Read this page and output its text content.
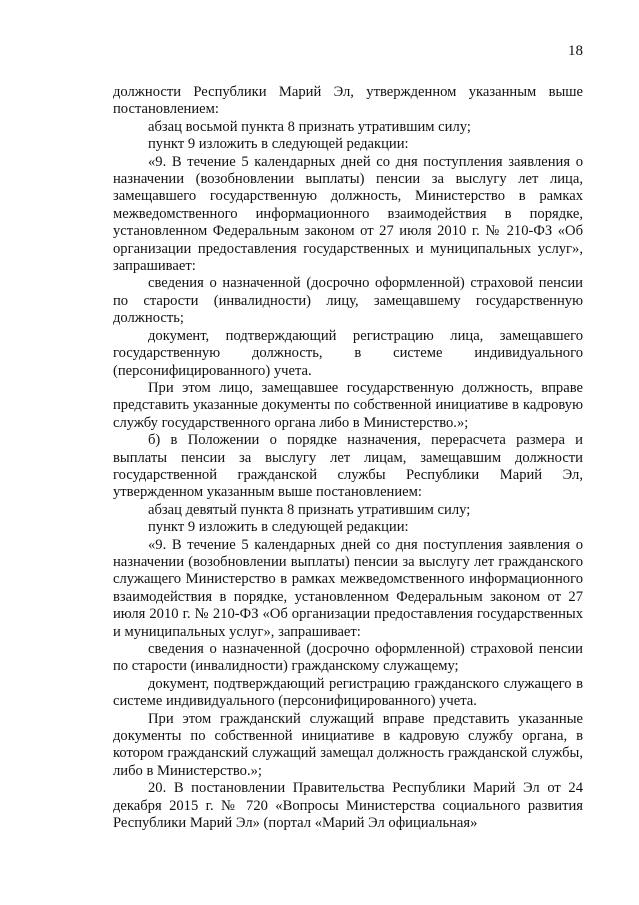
18

должности Республики Марий Эл, утвержденном указанным выше постановлением:

абзац восьмой пункта 8 признать утратившим силу;

пункт 9 изложить в следующей редакции:

«9. В течение 5 календарных дней со дня поступления заявления о назначении (возобновлении выплаты) пенсии за выслугу лет лица, замещавшего государственную должность, Министерство в рамках межведомственного информационного взаимодействия в порядке, установленном Федеральным законом от 27 июля 2010 г. № 210-ФЗ «Об организации предоставления государственных и муниципальных услуг», запрашивает:

сведения о назначенной (досрочно оформленной) страховой пенсии по старости (инвалидности) лицу, замещавшему государственную должность;

документ, подтверждающий регистрацию лица, замещавшего государственную должность, в системе индивидуального (персонифицированного) учета.

При этом лицо, замещавшее государственную должность, вправе представить указанные документы по собственной инициативе в кадровую службу государственного органа либо в Министерство.»;

б) в Положении о порядке назначения, перерасчета размера и выплаты пенсии за выслугу лет лицам, замещавшим должности государственной гражданской службы Республики Марий Эл, утвержденном указанным выше постановлением:

абзац девятый пункта 8 признать утратившим силу;

пункт 9 изложить в следующей редакции:

«9. В течение 5 календарных дней со дня поступления заявления о назначении (возобновлении выплаты) пенсии за выслугу лет гражданского служащего Министерство в рамках межведомственного информационного взаимодействия в порядке, установленном Федеральным законом от 27 июля 2010 г. № 210-ФЗ «Об организации предоставления государственных и муниципальных услуг», запрашивает:

сведения о назначенной (досрочно оформленной) страховой пенсии по старости (инвалидности) гражданскому служащему;

документ, подтверждающий регистрацию гражданского служащего в системе индивидуального (персонифицированного) учета.

При этом гражданский служащий вправе представить указанные документы по собственной инициативе в кадровую службу органа, в котором гражданский служащий замещал должность гражданской службы, либо в Министерство.»;

20. В постановлении Правительства Республики Марий Эл от 24 декабря 2015 г. № 720 «Вопросы Министерства социального развития Республики Марий Эл» (портал «Марий Эл официальная»
